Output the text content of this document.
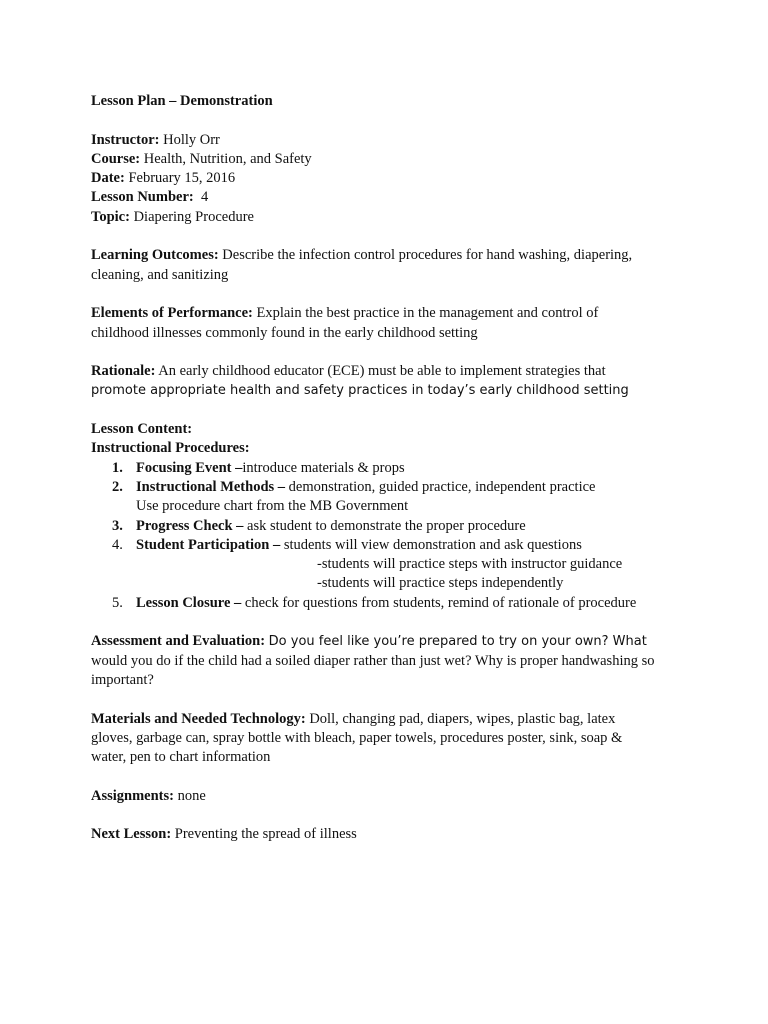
Lesson Plan – Demonstration

Instructor: Holly Orr

Course: Health, Nutrition, and Safety

Date: February 15, 2016

Lesson Number: 4

Topic: Diapering Procedure

Learning Outcomes: Describe the infection control procedures for hand washing, diapering,

cleaning, and sanitizing

Elements of Performance: Explain the best practice in the management and control of

childhood illnesses commonly found in the early childhood setting

Rationale: An early childhood educator (ECE) must be able to implement strategies that

promote appropriate health and safety practices in today’s early childhood setting

Lesson Content:

Instructional Procedures:

1. Focusing Event –introduce materials & props
2. Instructional Methods – demonstration, guided practice, independent practice
Use procedure chart from the MB Government
3. Progress Check – ask student to demonstrate the proper procedure
4. Student Participation – students will view demonstration and ask questions
-students will practice steps with instructor guidance
-students will practice steps independently
5. Lesson Closure – check for questions from students, remind of rationale of procedure

Assessment and Evaluation: Do you feel like you’re prepared to try on your own? What

would you do if the child had a soiled diaper rather than just wet? Why is proper handwashing so

important?

Materials and Needed Technology: Doll, changing pad, diapers, wipes, plastic bag, latex

gloves, garbage can, spray bottle with bleach, paper towels, procedures poster, sink, soap &

water, pen to chart information

Assignments: none

Next Lesson: Preventing the spread of illness
